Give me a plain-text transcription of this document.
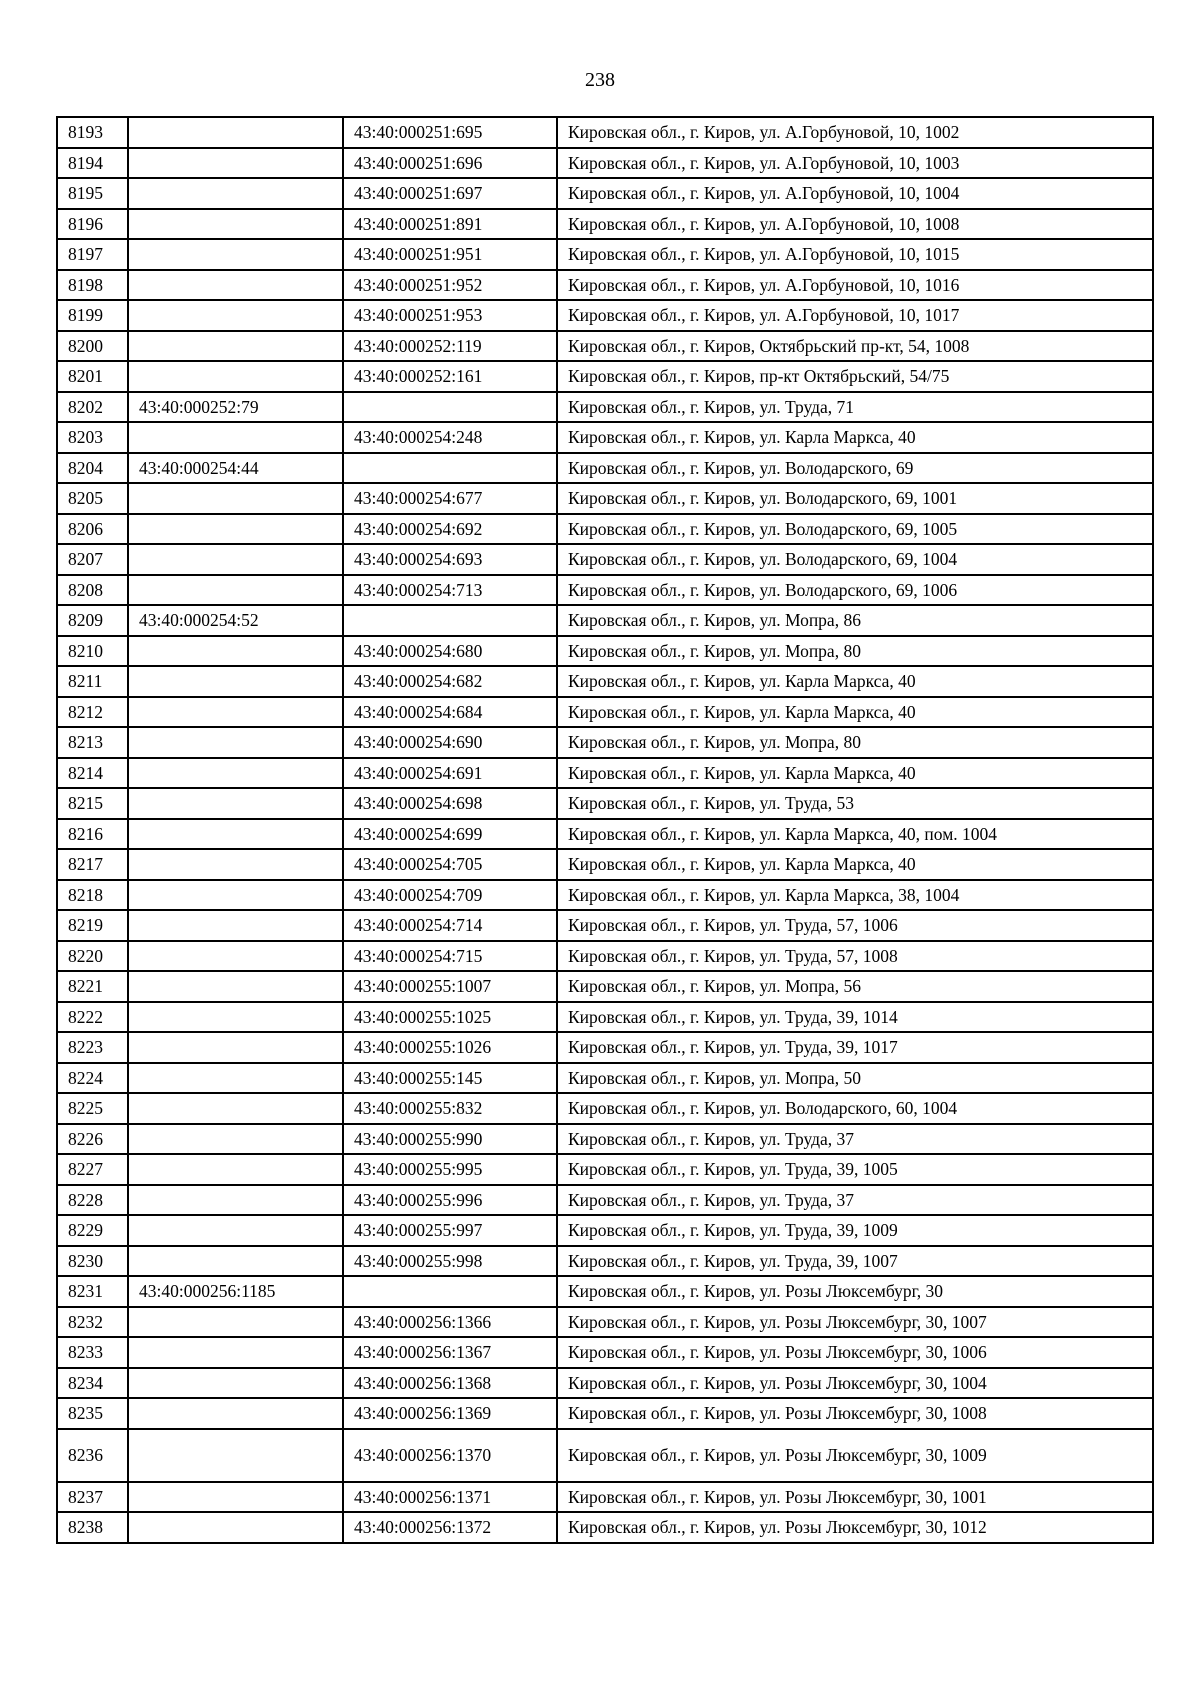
238
8193		43:40:000251:695	Кировская обл., г. Киров, ул. А.Горбуновой, 10, 1002
8194		43:40:000251:696	Кировская обл., г. Киров, ул. А.Горбуновой, 10, 1003
8195		43:40:000251:697	Кировская обл., г. Киров, ул. А.Горбуновой, 10, 1004
8196		43:40:000251:891	Кировская обл., г. Киров, ул. А.Горбуновой, 10, 1008
8197		43:40:000251:951	Кировская обл., г. Киров, ул. А.Горбуновой, 10, 1015
8198		43:40:000251:952	Кировская обл., г. Киров, ул. А.Горбуновой, 10, 1016
8199		43:40:000251:953	Кировская обл., г. Киров, ул. А.Горбуновой, 10, 1017
8200		43:40:000252:119	Кировская обл., г. Киров, Октябрьский пр-кт, 54, 1008
8201		43:40:000252:161	Кировская обл., г. Киров, пр-кт Октябрьский, 54/75
8202	43:40:000252:79		Кировская обл., г. Киров, ул. Труда, 71
8203		43:40:000254:248	Кировская обл., г. Киров, ул. Карла Маркса, 40
8204	43:40:000254:44		Кировская обл., г. Киров, ул. Володарского, 69
8205		43:40:000254:677	Кировская обл., г. Киров, ул. Володарского, 69, 1001
8206		43:40:000254:692	Кировская обл., г. Киров, ул. Володарского, 69, 1005
8207		43:40:000254:693	Кировская обл., г. Киров, ул. Володарского, 69, 1004
8208		43:40:000254:713	Кировская обл., г. Киров, ул. Володарского, 69, 1006
8209	43:40:000254:52		Кировская обл., г. Киров, ул. Мопра, 86
8210		43:40:000254:680	Кировская обл., г. Киров, ул. Мопра, 80
8211		43:40:000254:682	Кировская обл., г. Киров, ул. Карла Маркса, 40
8212		43:40:000254:684	Кировская обл., г. Киров, ул. Карла Маркса, 40
8213		43:40:000254:690	Кировская обл., г. Киров, ул. Мопра, 80
8214		43:40:000254:691	Кировская обл., г. Киров, ул. Карла Маркса, 40
8215		43:40:000254:698	Кировская обл., г. Киров, ул. Труда, 53
8216		43:40:000254:699	Кировская обл., г. Киров, ул. Карла Маркса, 40, пом. 1004
8217		43:40:000254:705	Кировская обл., г. Киров, ул. Карла Маркса, 40
8218		43:40:000254:709	Кировская обл., г. Киров, ул. Карла Маркса, 38, 1004
8219		43:40:000254:714	Кировская обл., г. Киров, ул. Труда, 57, 1006
8220		43:40:000254:715	Кировская обл., г. Киров, ул. Труда, 57, 1008
8221		43:40:000255:1007	Кировская обл., г. Киров, ул. Мопра, 56
8222		43:40:000255:1025	Кировская обл., г. Киров, ул. Труда, 39, 1014
8223		43:40:000255:1026	Кировская обл., г. Киров, ул. Труда, 39, 1017
8224		43:40:000255:145	Кировская обл., г. Киров, ул. Мопра, 50
8225		43:40:000255:832	Кировская обл., г. Киров, ул. Володарского, 60, 1004
8226		43:40:000255:990	Кировская обл., г. Киров, ул. Труда, 37
8227		43:40:000255:995	Кировская обл., г. Киров, ул. Труда, 39, 1005
8228		43:40:000255:996	Кировская обл., г. Киров, ул. Труда, 37
8229		43:40:000255:997	Кировская обл., г. Киров, ул. Труда, 39, 1009
8230		43:40:000255:998	Кировская обл., г. Киров, ул. Труда, 39, 1007
8231	43:40:000256:1185		Кировская обл., г. Киров, ул. Розы Люксембург, 30
8232		43:40:000256:1366	Кировская обл., г. Киров, ул. Розы Люксембург, 30, 1007
8233		43:40:000256:1367	Кировская обл., г. Киров, ул. Розы Люксембург, 30, 1006
8234		43:40:000256:1368	Кировская обл., г. Киров, ул. Розы Люксембург, 30, 1004
8235		43:40:000256:1369	Кировская обл., г. Киров, ул. Розы Люксембург, 30, 1008
8236		43:40:000256:1370	Кировская обл., г. Киров, ул. Розы Люксембург, 30, 1009
8237		43:40:000256:1371	Кировская обл., г. Киров, ул. Розы Люксембург, 30, 1001
8238		43:40:000256:1372	Кировская обл., г. Киров, ул. Розы Люксембург, 30, 1012
